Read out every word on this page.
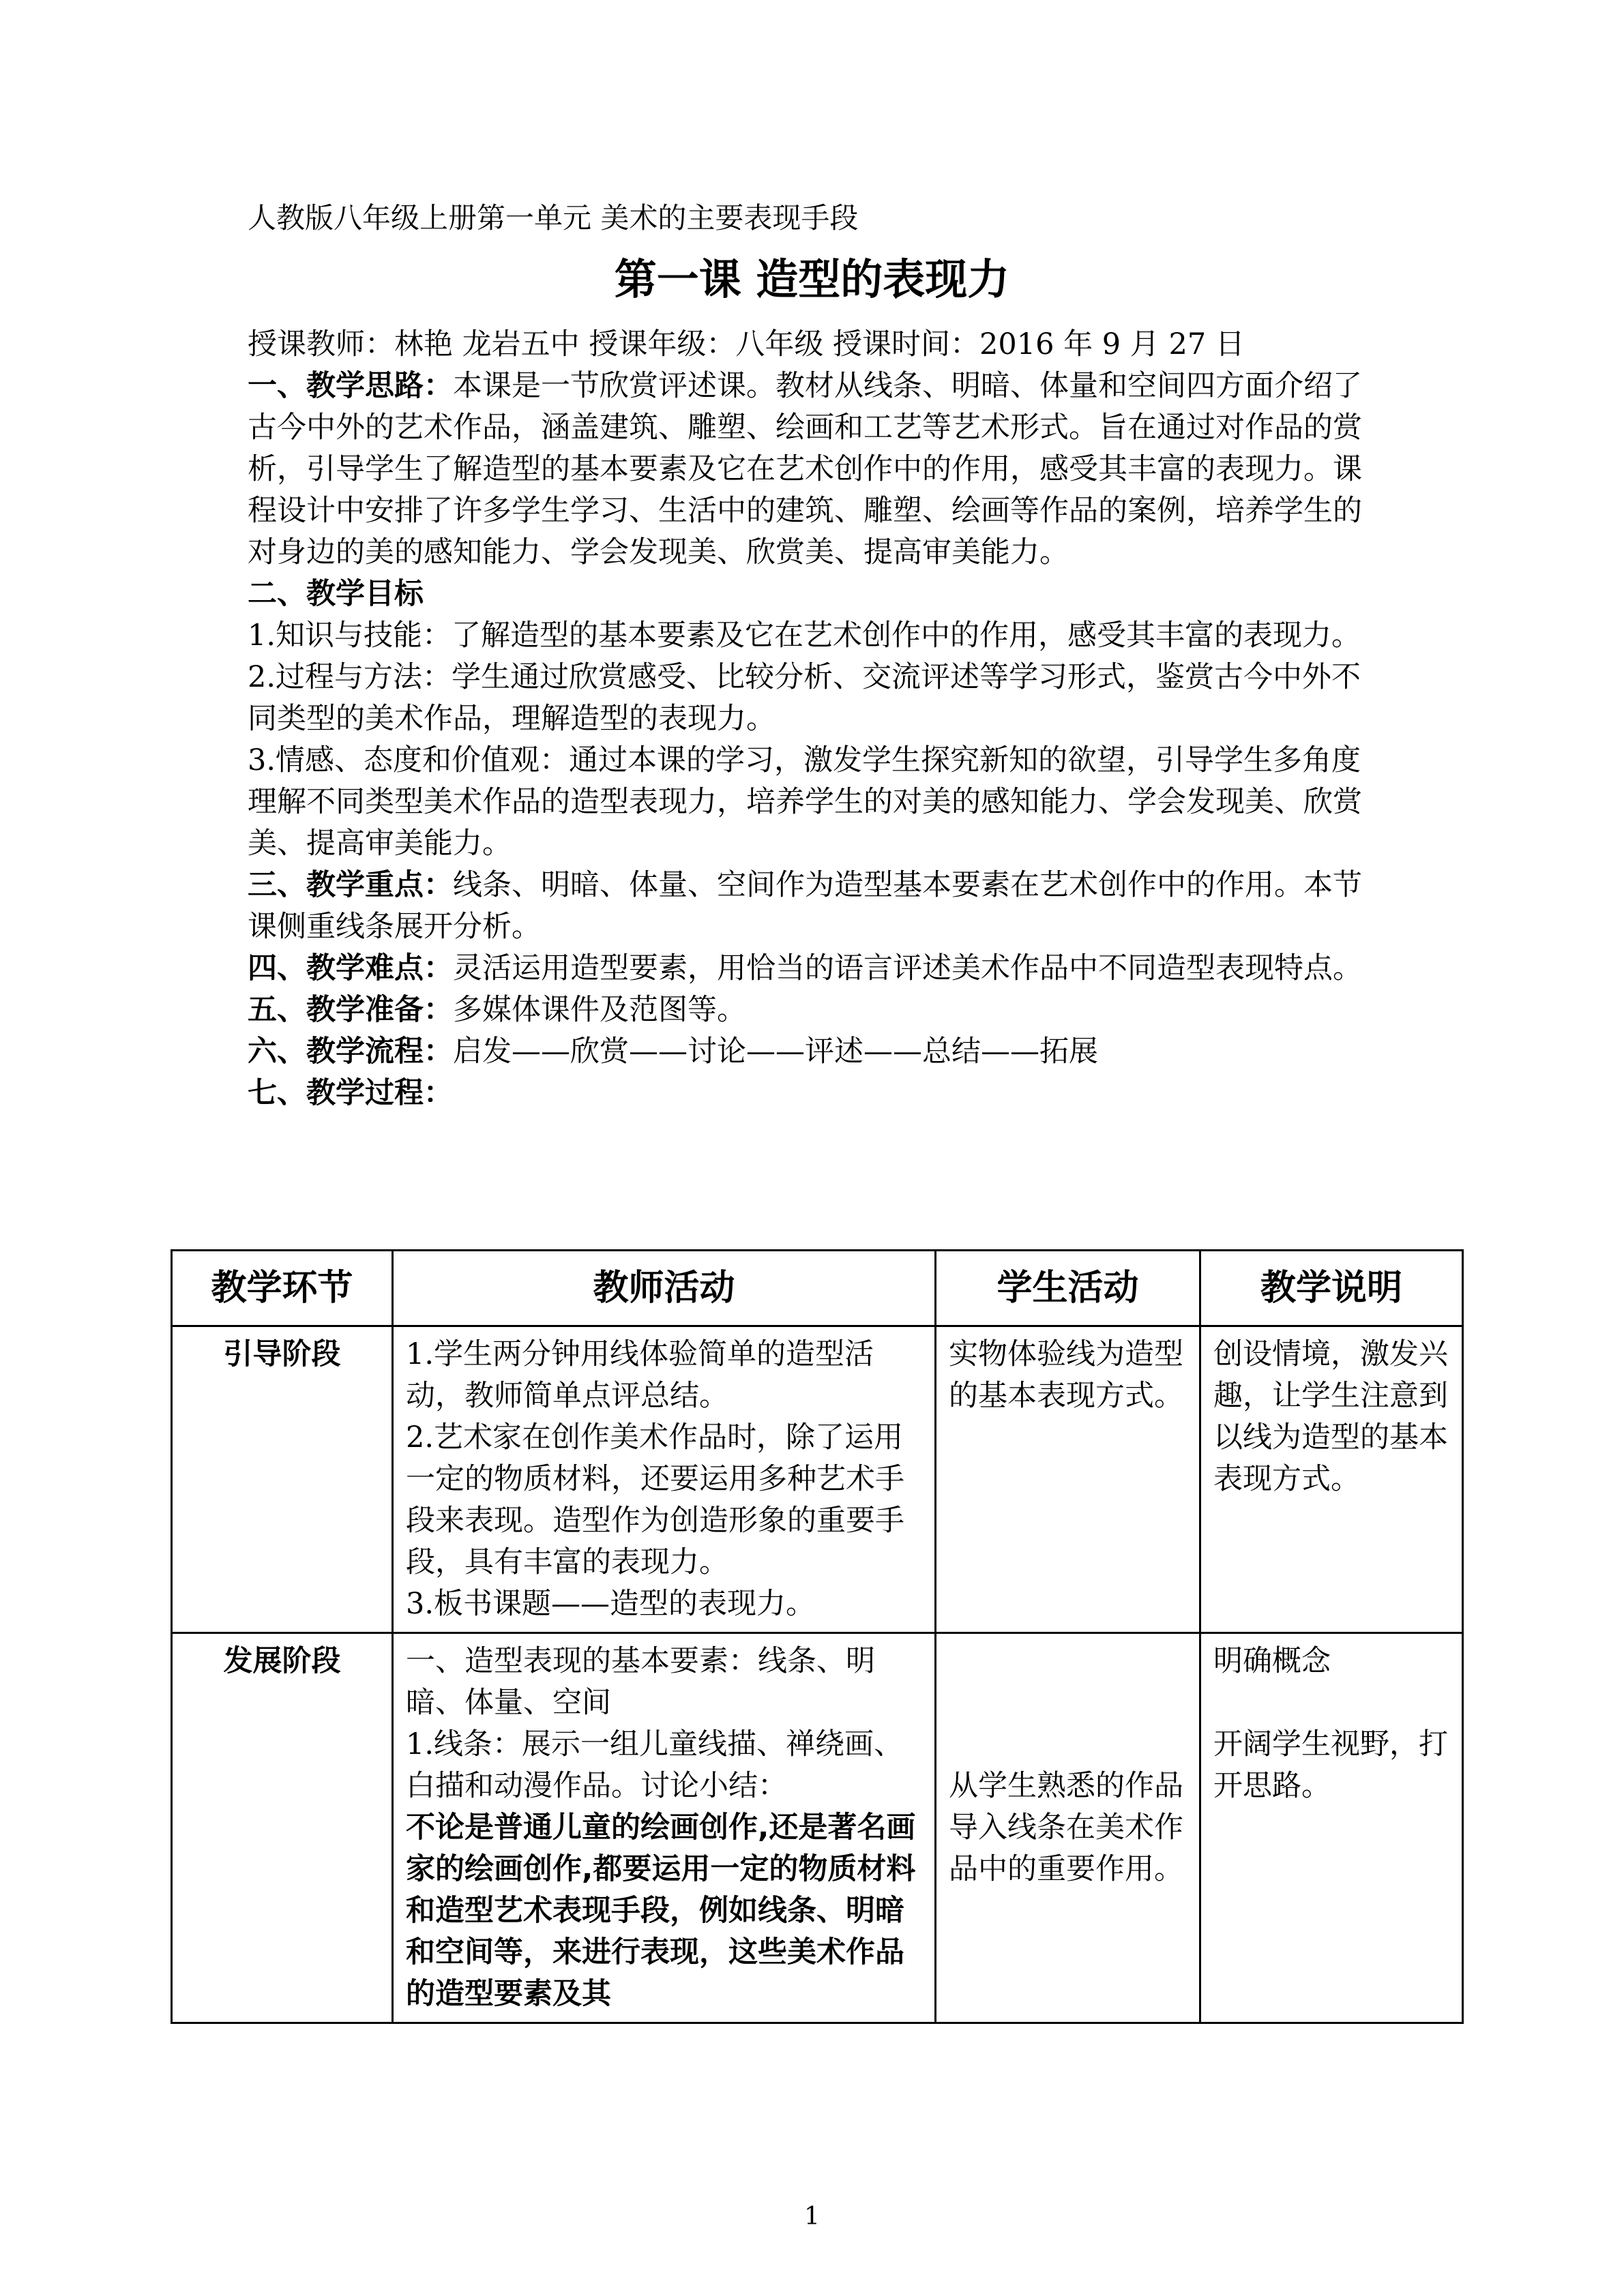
人教版八年级上册第一单元 美术的主要表现手段
第一课 造型的表现力

授课教师：林艳 龙岩五中 授课年级：八年级 授课时间：2016 年 9 月 27 日

一、教学思路：本课是一节欣赏评述课。教材从线条、明暗、体量和空间四方面介绍了古今中外的艺术作品，涵盖建筑、雕塑、绘画和工艺等艺术形式。旨在通过对作品的赏析，引导学生了解造型的基本要素及它在艺术创作中的作用，感受其丰富的表现力。课程设计中安排了许多学生学习、生活中的建筑、雕塑、绘画等作品的案例，培养学生的对身边的美的感知能力、学会发现美、欣赏美、提高审美能力。

二、教学目标

1.知识与技能：了解造型的基本要素及它在艺术创作中的作用，感受其丰富的表现力。

2.过程与方法：学生通过欣赏感受、比较分析、交流评述等学习形式，鉴赏古今中外不同类型的美术作品，理解造型的表现力。

3.情感、态度和价值观：通过本课的学习，激发学生探究新知的欲望，引导学生多角度理解不同类型美术作品的造型表现力，培养学生的对美的感知能力、学会发现美、欣赏美、提高审美能力。

三、教学重点：线条、明暗、体量、空间作为造型基本要素在艺术创作中的作用。本节课侧重线条展开分析。

四、教学难点：灵活运用造型要素，用恰当的语言评述美术作品中不同造型表现特点。

五、教学准备：多媒体课件及范图等。

六、教学流程：启发——欣赏——讨论——评述——总结——拓展

七、教学过程：

教学环节	教师活动	学生活动	教学说明
引导阶段	1.学生两分钟用线体验简单的造型活动，教师简单点评总结。
2.艺术家在创作美术作品时，除了运用一定的物质材料，还要运用多种艺术手段来表现。造型作为创造形象的重要手段，具有丰富的表现力。
3.板书课题——造型的表现力。	实物体验线为造型的基本表现方式。	创设情境，激发兴趣，让学生注意到以线为造型的基本表现方式。
发展阶段	一、造型表现的基本要素：线条、明暗、体量、空间
1.线条：展示一组儿童线描、禅绕画、白描和动漫作品。讨论小结：
不论是普通儿童的绘画创作,还是著名画家的绘画创作,都要运用一定的物质材料和造型艺术表现手段，例如线条、明暗和空间等，来进行表现，这些美术作品的造型要素及其	从学生熟悉的作品导入线条在美术作品中的重要作用。	明确概念
开阔学生视野，打开思路。
1
